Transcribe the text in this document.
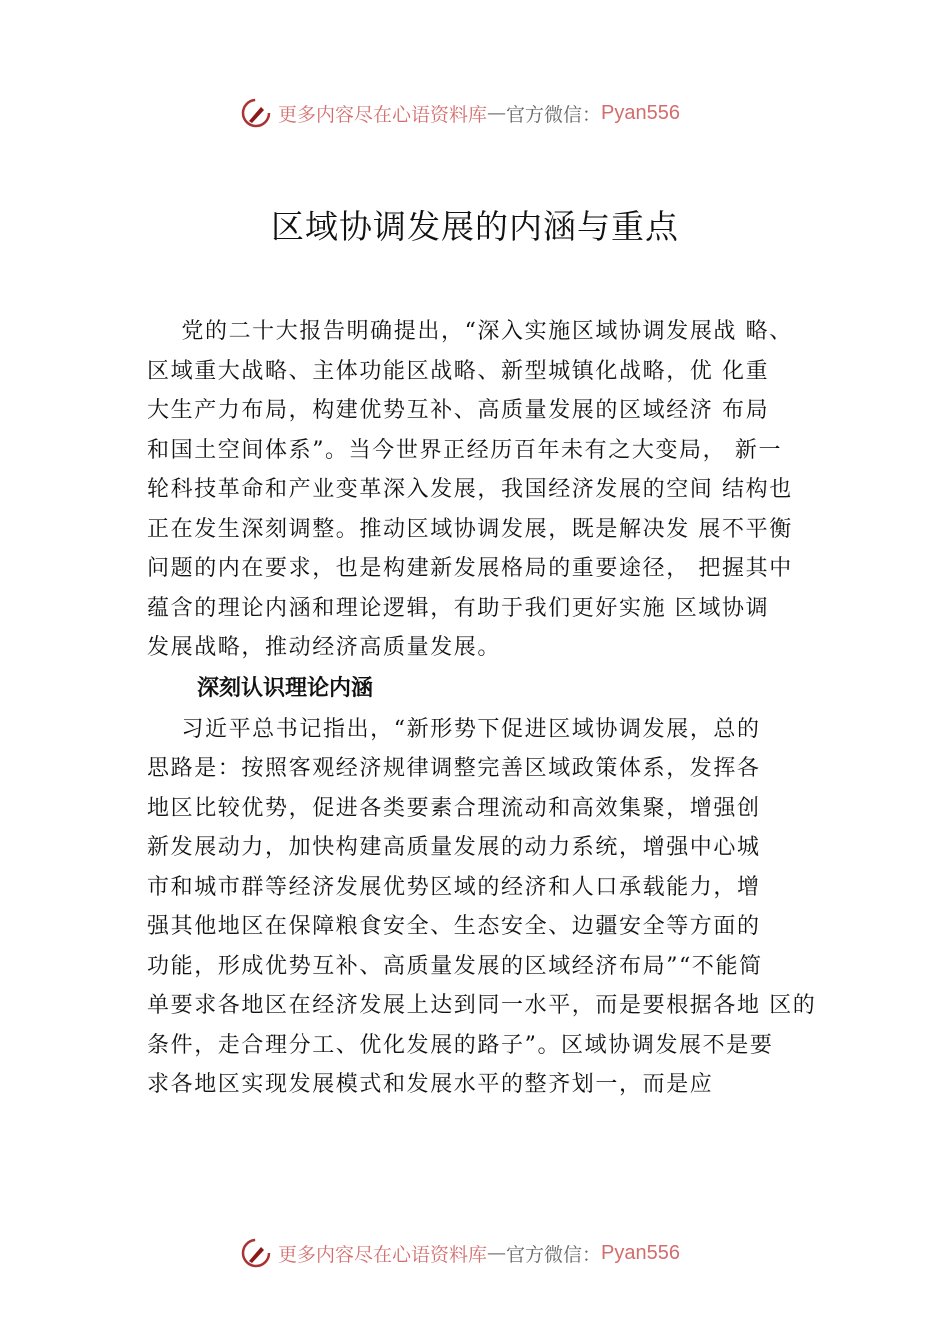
更多内容尽在心语资料库 — 官方微信： Pyan556
区域协调发展的内涵与重点
党的二十大报告明确提出，“深入实施区域协调发展战 略、
区域重大战略、主体功能区战略、新型城镇化战略，优 化重
大生产力布局，构建优势互补、高质量发展的区域经济 布局
和国土空间体系”。当今世界正经历百年未有之大变局， 新一
轮科技革命和产业变革深入发展，我国经济发展的空间 结构也
正在发生深刻调整。推动区域协调发展，既是解决发 展不平衡
问题的内在要求，也是构建新发展格局的重要途径， 把握其中
蕴含的理论内涵和理论逻辑，有助于我们更好实施 区域协调
发展战略，推动经济高质量发展。
深刻认识理论内涵
习近平总书记指出，“新形势下促进区域协调发展，总的
思路是：按照客观经济规律调整完善区域政策体系，发挥各
地区比较优势，促进各类要素合理流动和高效集聚，增强创
新发展动力，加快构建高质量发展的动力系统，增强中心城
市和城市群等经济发展优势区域的经济和人口承载能力，增
强其他地区在保障粮食安全、生态安全、边疆安全等方面的
功能，形成优势互补、高质量发展的区域经济布局”“不能简
单要求各地区在经济发展上达到同一水平，而是要根据各地 区的
条件，走合理分工、优化发展的路子”。区域协调发展不是要
求各地区实现发展模式和发展水平的整齐划一，而是应
更多内容尽在心语资料库 — 官方微信： Pyan556
